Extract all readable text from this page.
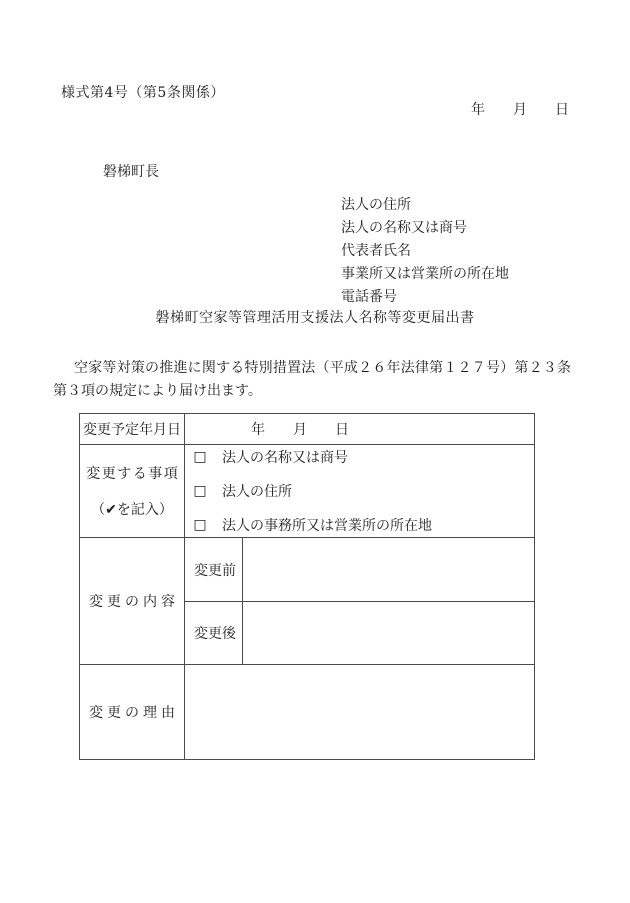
様式第4号（第5条関係）
年　　月　　日
磐梯町長
法人の住所
法人の名称又は商号
代表者氏名
事業所又は営業所の所在地
電話番号
磐梯町空家等管理活用支援法人名称等変更届出書
空家等対策の推進に関する特別措置法（平成２６年法律第１２７号）第２３条第３項の規定により届け出ます。
変更予定年月日	年　　月　　日
変更する事項
（✔を記入）
□ 法人の名称又は商号
□ 法人の住所
□ 法人の事務所又は営業所の所在地
変更の内容
変更前
変更後
変更の理由
